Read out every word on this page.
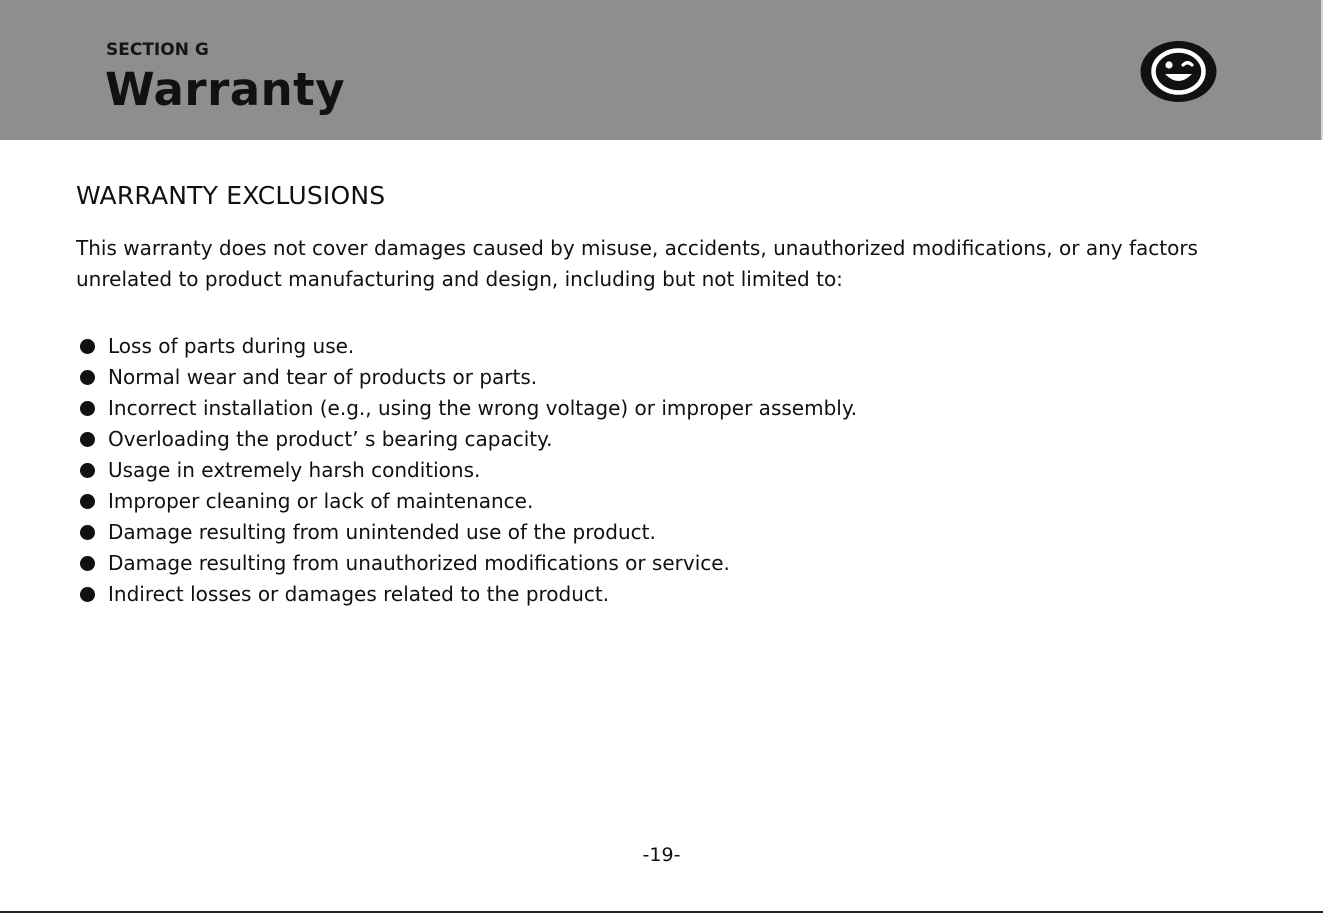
SECTION G
Warranty
WARRANTY EXCLUSIONS

This warranty does not cover damages caused by misuse, accidents, unauthorized modifications, or any factors unrelated to product manufacturing and design, including but not limited to:

Loss of parts during use.
Normal wear and tear of products or parts.
Incorrect installation (e.g., using the wrong voltage) or improper assembly.
Overloading the product’ s bearing capacity.
Usage in extremely harsh conditions.
Improper cleaning or lack of maintenance.
Damage resulting from unintended use of the product.
Damage resulting from unauthorized modifications or service.
Indirect losses or damages related to the product.

-19-
